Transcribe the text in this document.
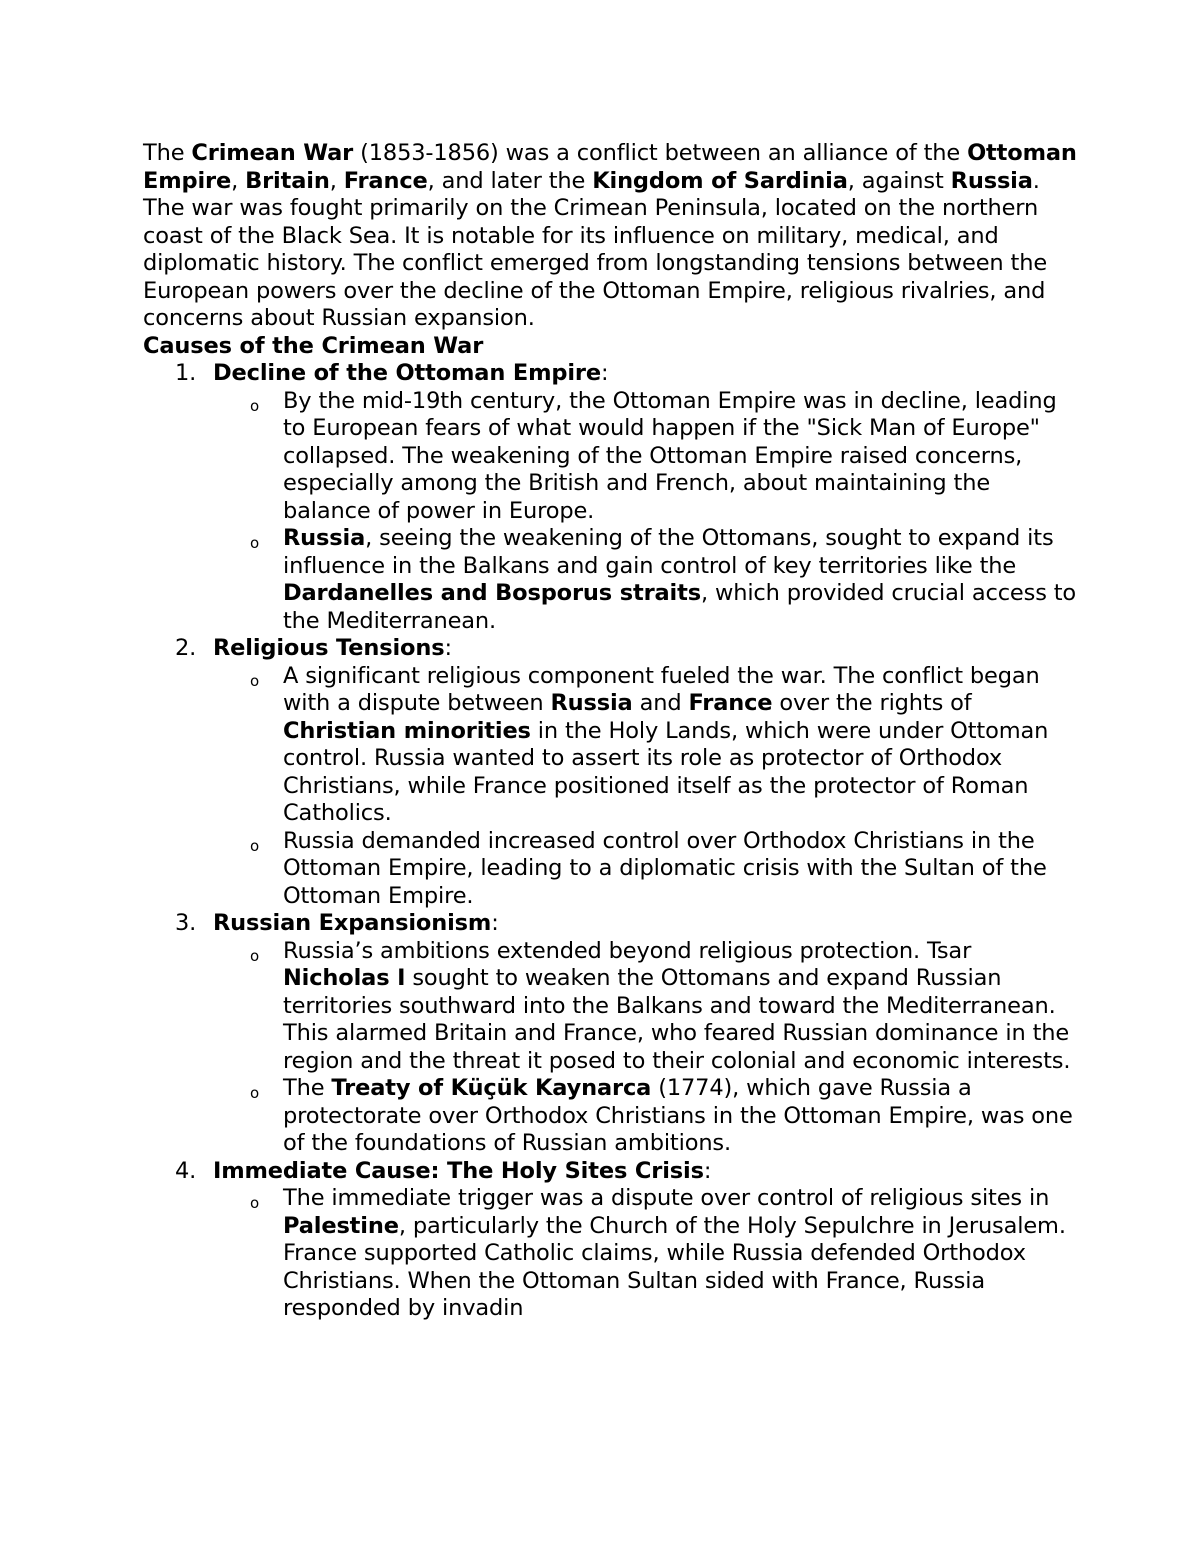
The Crimean War (1853-1856) was a conflict between an alliance of the Ottoman Empire, Britain, France, and later the Kingdom of Sardinia, against Russia. The war was fought primarily on the Crimean Peninsula, located on the northern coast of the Black Sea. It is notable for its influence on military, medical, and diplomatic history. The conflict emerged from longstanding tensions between the European powers over the decline of the Ottoman Empire, religious rivalries, and concerns about Russian expansion.

Causes of the Crimean War

1. Decline of the Ottoman Empire:
o By the mid-19th century, the Ottoman Empire was in decline, leading to European fears of what would happen if the "Sick Man of Europe" collapsed. The weakening of the Ottoman Empire raised concerns, especially among the British and French, about maintaining the balance of power in Europe.
o Russia, seeing the weakening of the Ottomans, sought to expand its influence in the Balkans and gain control of key territories like the Dardanelles and Bosporus straits, which provided crucial access to the Mediterranean.
2. Religious Tensions:
o A significant religious component fueled the war. The conflict began with a dispute between Russia and France over the rights of Christian minorities in the Holy Lands, which were under Ottoman control. Russia wanted to assert its role as protector of Orthodox Christians, while France positioned itself as the protector of Roman Catholics.
o Russia demanded increased control over Orthodox Christians in the Ottoman Empire, leading to a diplomatic crisis with the Sultan of the Ottoman Empire.
3. Russian Expansionism:
o Russia’s ambitions extended beyond religious protection. Tsar Nicholas I sought to weaken the Ottomans and expand Russian territories southward into the Balkans and toward the Mediterranean. This alarmed Britain and France, who feared Russian dominance in the region and the threat it posed to their colonial and economic interests.
o The Treaty of Küçük Kaynarca (1774), which gave Russia a protectorate over Orthodox Christians in the Ottoman Empire, was one of the foundations of Russian ambitions.
4. Immediate Cause: The Holy Sites Crisis:
o The immediate trigger was a dispute over control of religious sites in Palestine, particularly the Church of the Holy Sepulchre in Jerusalem. France supported Catholic claims, while Russia defended Orthodox Christians. When the Ottoman Sultan sided with France, Russia responded by invadin
